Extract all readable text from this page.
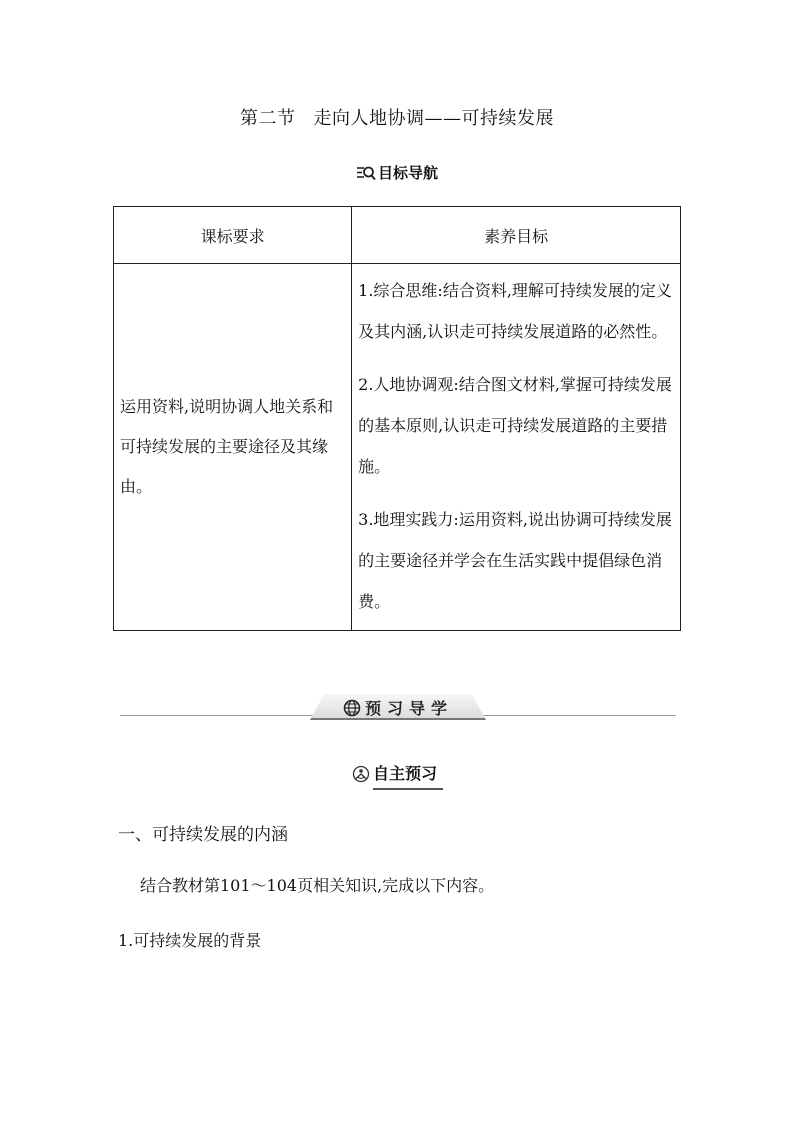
第二节 走向人地协调——可持续发展
目标导航
课标要求	素养目标
运用资料,说明协调人地关系和可持续发展的主要途径及其缘由。	1.综合思维:结合资料,理解可持续发展的定义及其内涵,认识走可持续发展道路的必然性。
2.人地协调观:结合图文材料,掌握可持续发展的基本原则,认识走可持续发展道路的主要措施。
3.地理实践力:运用资料,说出协调可持续发展的主要途径并学会在生活实践中提倡绿色消费。
预习导学
自主预习
一、可持续发展的内涵
结合教材第101～104页相关知识,完成以下内容。
1.可持续发展的背景
